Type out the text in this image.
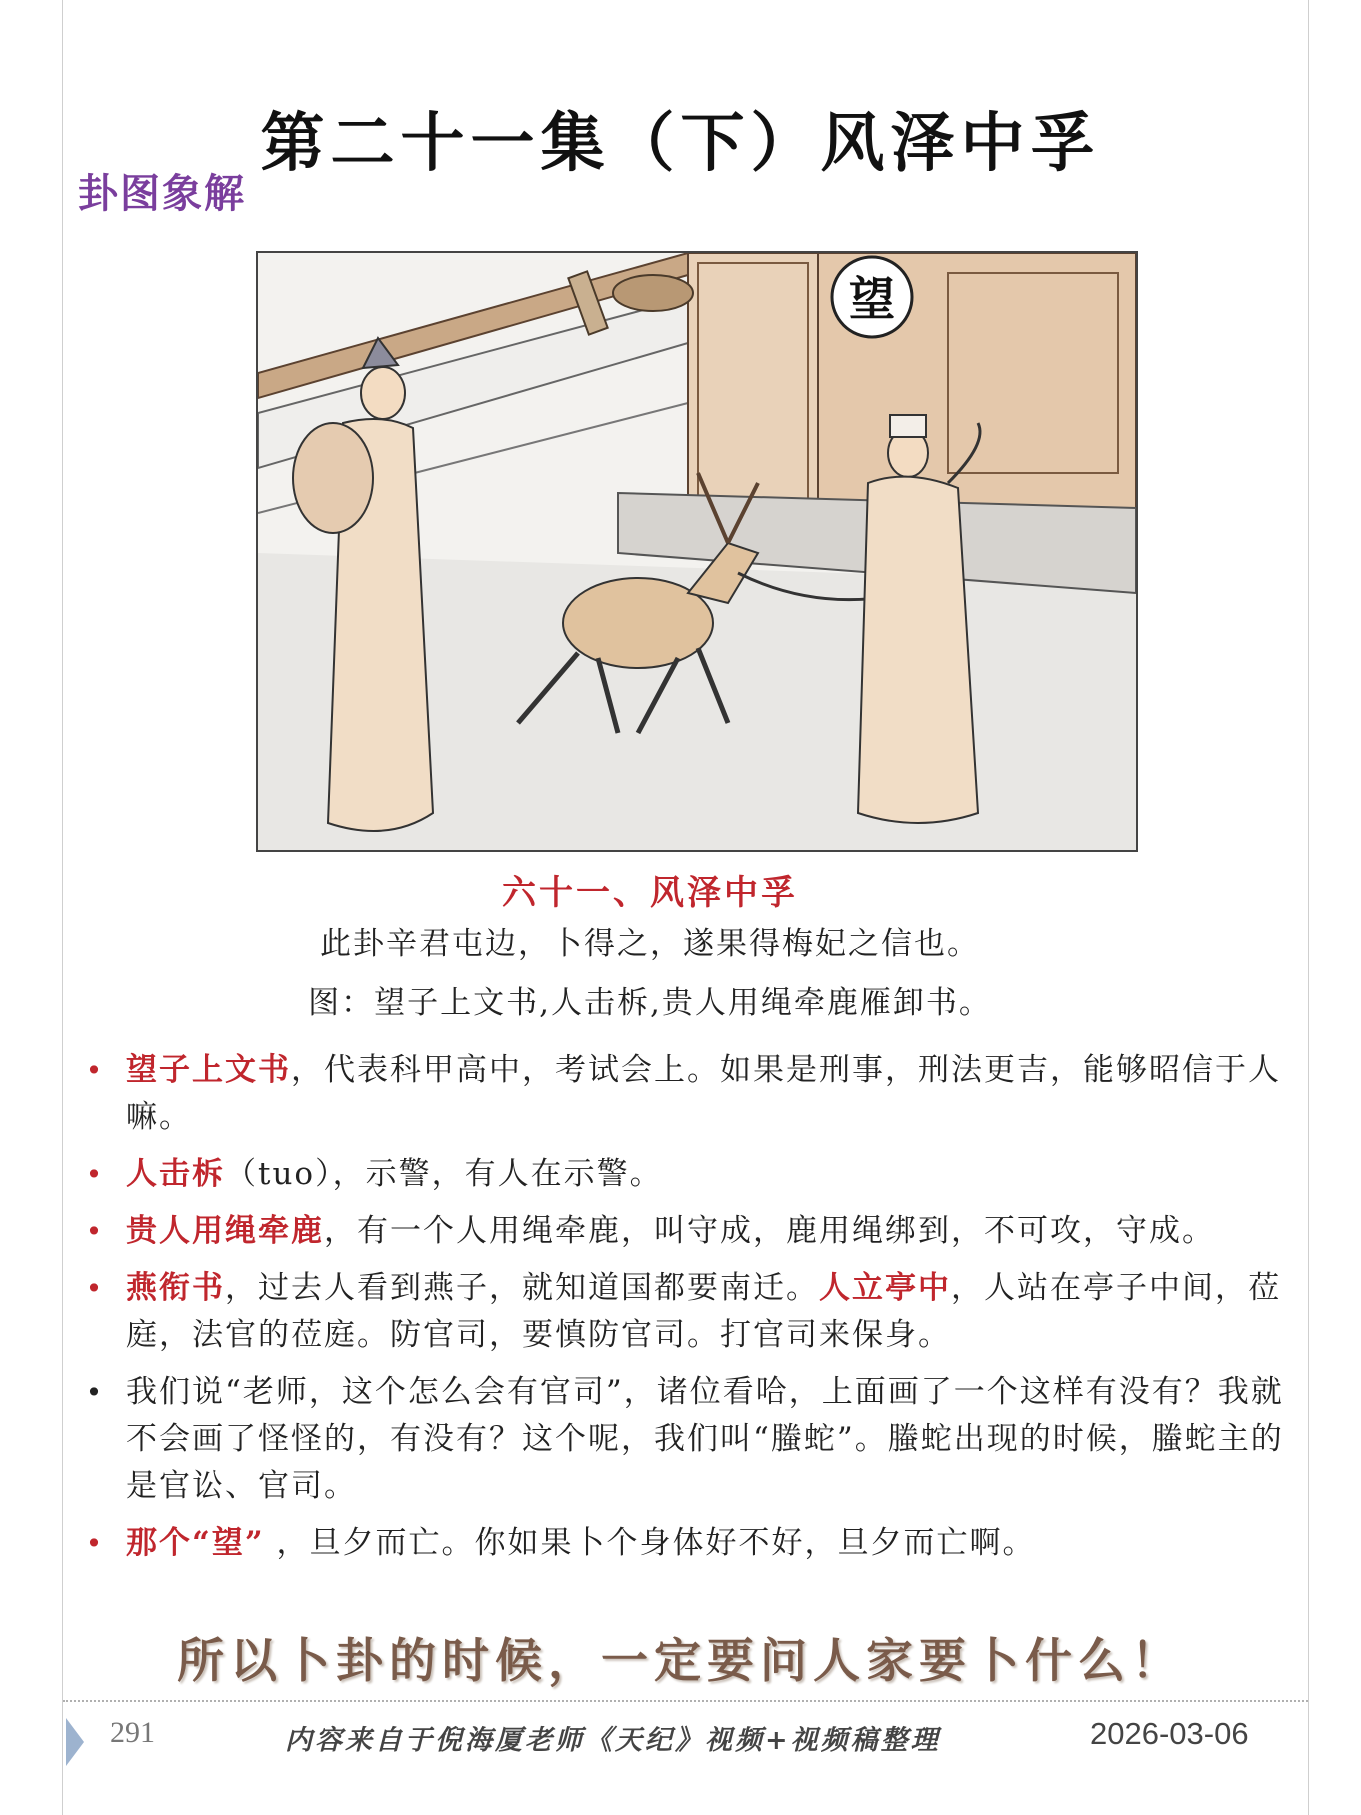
第二十一集（下）风泽中孚
卦图象解
望
六十一、风泽中孚
此卦辛君屯边，卜得之，遂果得梅妃之信也。
图：望子上文书,人击柝,贵人用绳牵鹿雁卸书。
• 望子上文书，代表科甲高中，考试会上。如果是刑事，刑法更吉，能够昭信于人嘛。
• 人击柝（tuo），示警，有人在示警。
• 贵人用绳牵鹿，有一个人用绳牵鹿，叫守成，鹿用绳绑到，不可攻，守成。
• 燕衔书，过去人看到燕子，就知道国都要南迁。人立亭中，人站在亭子中间，莅庭，法官的莅庭。防官司，要慎防官司。打官司来保身。
• 我们说“老师，这个怎么会有官司”，诸位看哈，上面画了一个这样有没有？我就不会画了怪怪的，有没有？这个呢，我们叫“螣蛇”。螣蛇出现的时候，螣蛇主的是官讼、官司。
• 那个“望” ，旦夕而亡。你如果卜个身体好不好，旦夕而亡啊。
所以卜卦的时候，一定要问人家要卜什么！
291	内容来自于倪海厦老师《天纪》视频+视频稿整理	2026-03-06
